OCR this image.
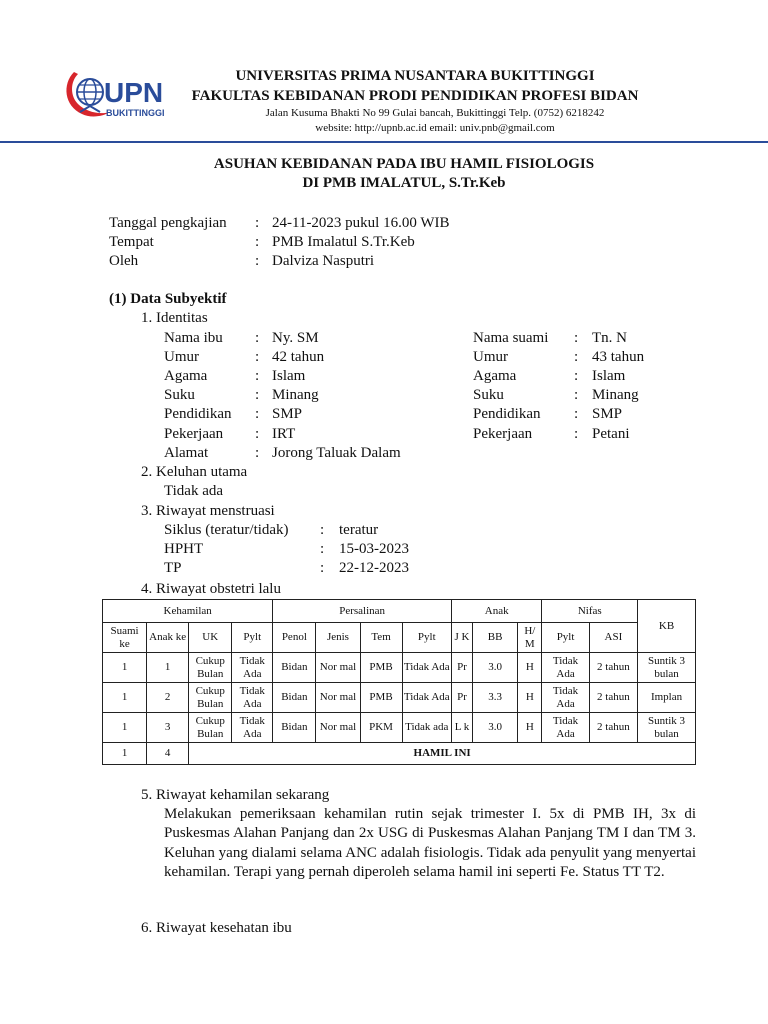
UPN
BUKITTINGGI
UNIVERSITAS PRIMA NUSANTARA BUKITTINGGI
FAKULTAS KEBIDANAN PRODI PENDIDIKAN PROFESI BIDAN
Jalan Kusuma Bhakti No 99 Gulai bancah, Bukittinggi Telp. (0752) 6218242
website: http://upnb.ac.id email: univ.pnb@gmail.com
ASUHAN KEBIDANAN PADA IBU HAMIL FISIOLOGIS
DI PMB IMALATUL, S.Tr.Keb
Tanggal pengkajian : 24-11-2023 pukul 16.00 WIB
Tempat	: PMB Imalatul S.Tr.Keb
Oleh	: Dalviza Nasputri
(1) Data Subyektif
1. Identitas
Nama ibu : Ny. SM
Umur	: 42 tahun
Agama	: Islam
Suku	: Minang
Pendidikan : SMP
Pekerjaan : IRT
Alamat	: Jorong Taluak Dalam
Nama suami : Tn. N
Umur	: 43 tahun
Agama	: Islam
Suku	: Minang
Pendidikan : SMP
Pekerjaan	: Petani
2. Keluhan utama
Tidak ada
3. Riwayat menstruasi
Siklus (teratur/tidak) : teratur
HPHT	: 15-03-2023
TP	: 22-12-2023
4. Riwayat obstetri lalu
Kehamilan				Persalinan				Anak			Nifas		KB
Suami ke	Anak ke	UK	Pylt	Penol	Jenis	Tem	Pylt	J K	BB	H/ M	Pylt	ASI	
1	1	Cukup Bulan	Tidak Ada	Bidan	Nor mal	PMB	Tidak Ada	Pr	3.0	H	Tidak Ada	2 tahun	Suntik 3 bulan
1	2	Cukup Bulan	Tidak Ada	Bidan	Nor mal	PMB	Tidak Ada	Pr	3.3	H	Tidak Ada	2 tahun	Implan
1	3	Cukup Bulan	Tidak Ada	Bidan	Nor mal	PKM	Tidak ada	L k	3.0	H	Tidak Ada	2 tahun	Suntik 3 bulan
1	4	HAMIL INI											
5. Riwayat kehamilan sekarang
Melakukan pemeriksaan kehamilan rutin sejak trimester I. 5x di PMB IH, 3x di Puskesmas Alahan Panjang dan 2x USG di Puskesmas Alahan Panjang TM I dan TM 3. Keluhan yang dialami selama ANC adalah fisiologis. Tidak ada penyulit yang menyertai kehamilan. Terapi yang pernah diperoleh selama hamil ini seperti Fe. Status TT T2.
6. Riwayat kesehatan ibu
